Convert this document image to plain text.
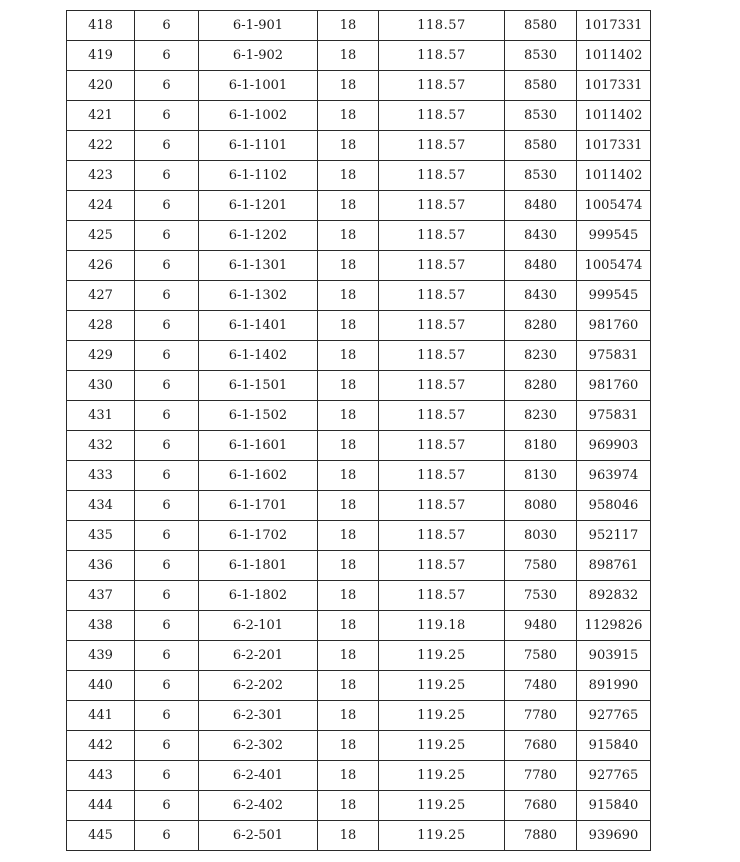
418	6	6-1-901	18	118.57	8580	1017331
419	6	6-1-902	18	118.57	8530	1011402
420	6	6-1-1001	18	118.57	8580	1017331
421	6	6-1-1002	18	118.57	8530	1011402
422	6	6-1-1101	18	118.57	8580	1017331
423	6	6-1-1102	18	118.57	8530	1011402
424	6	6-1-1201	18	118.57	8480	1005474
425	6	6-1-1202	18	118.57	8430	999545
426	6	6-1-1301	18	118.57	8480	1005474
427	6	6-1-1302	18	118.57	8430	999545
428	6	6-1-1401	18	118.57	8280	981760
429	6	6-1-1402	18	118.57	8230	975831
430	6	6-1-1501	18	118.57	8280	981760
431	6	6-1-1502	18	118.57	8230	975831
432	6	6-1-1601	18	118.57	8180	969903
433	6	6-1-1602	18	118.57	8130	963974
434	6	6-1-1701	18	118.57	8080	958046
435	6	6-1-1702	18	118.57	8030	952117
436	6	6-1-1801	18	118.57	7580	898761
437	6	6-1-1802	18	118.57	7530	892832
438	6	6-2-101	18	119.18	9480	1129826
439	6	6-2-201	18	119.25	7580	903915
440	6	6-2-202	18	119.25	7480	891990
441	6	6-2-301	18	119.25	7780	927765
442	6	6-2-302	18	119.25	7680	915840
443	6	6-2-401	18	119.25	7780	927765
444	6	6-2-402	18	119.25	7680	915840
445	6	6-2-501	18	119.25	7880	939690
